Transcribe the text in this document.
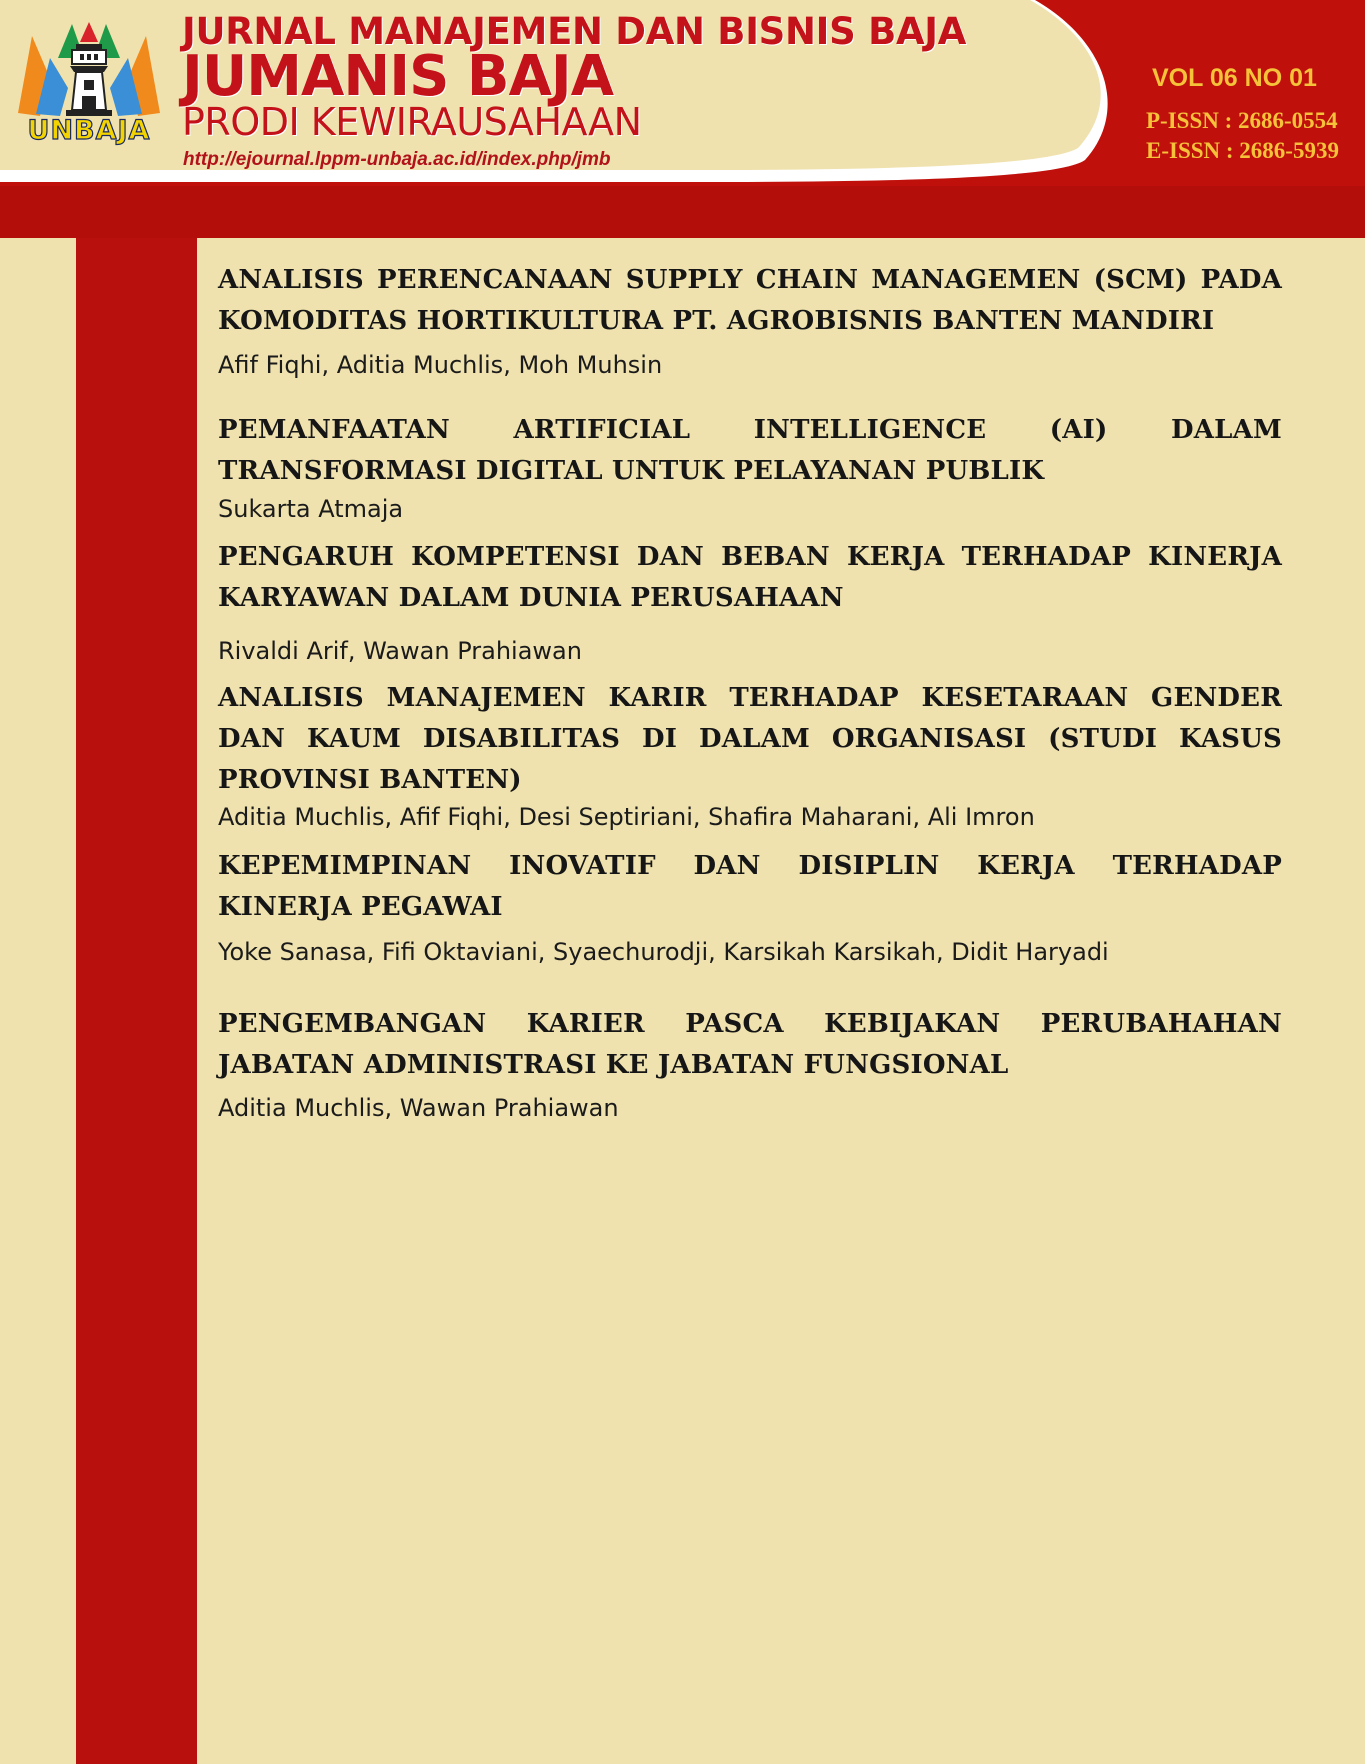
UNBAJA
JURNAL MANAJEMEN DAN BISNIS BAJA
JUMANIS BAJA
PRODI KEWIRAUSAHAAN
http://ejournal.lppm-unbaja.ac.id/index.php/jmb
VOL 06 NO 01
P-ISSN : 2686-0554
E-ISSN : 2686-5939

ANALISIS PERENCANAAN SUPPLY CHAIN MANAGEMEN (SCM) PADA KOMODITAS HORTIKULTURA PT. AGROBISNIS BANTEN MANDIRI

Afif Fiqhi, Aditia Muchlis, Moh Muhsin

PEMANFAATAN ARTIFICIAL INTELLIGENCE (AI) DALAM TRANSFORMASI DIGITAL UNTUK PELAYANAN PUBLIK

Sukarta Atmaja

PENGARUH KOMPETENSI DAN BEBAN KERJA TERHADAP KINERJA KARYAWAN DALAM DUNIA PERUSAHAAN

Rivaldi Arif, Wawan Prahiawan

ANALISIS MANAJEMEN KARIR TERHADAP KESETARAAN GENDER DAN KAUM DISABILITAS DI DALAM ORGANISASI (STUDI KASUS PROVINSI BANTEN)

Aditia Muchlis, Afif Fiqhi, Desi Septiriani, Shafira Maharani, Ali Imron

KEPEMIMPINAN INOVATIF DAN DISIPLIN KERJA TERHADAP KINERJA PEGAWAI

Yoke Sanasa, Fifi Oktaviani, Syaechurodji, Karsikah Karsikah, Didit Haryadi

PENGEMBANGAN KARIER PASCA KEBIJAKAN PERUBAHAHAN JABATAN ADMINISTRASI KE JABATAN FUNGSIONAL

Aditia Muchlis, Wawan Prahiawan
